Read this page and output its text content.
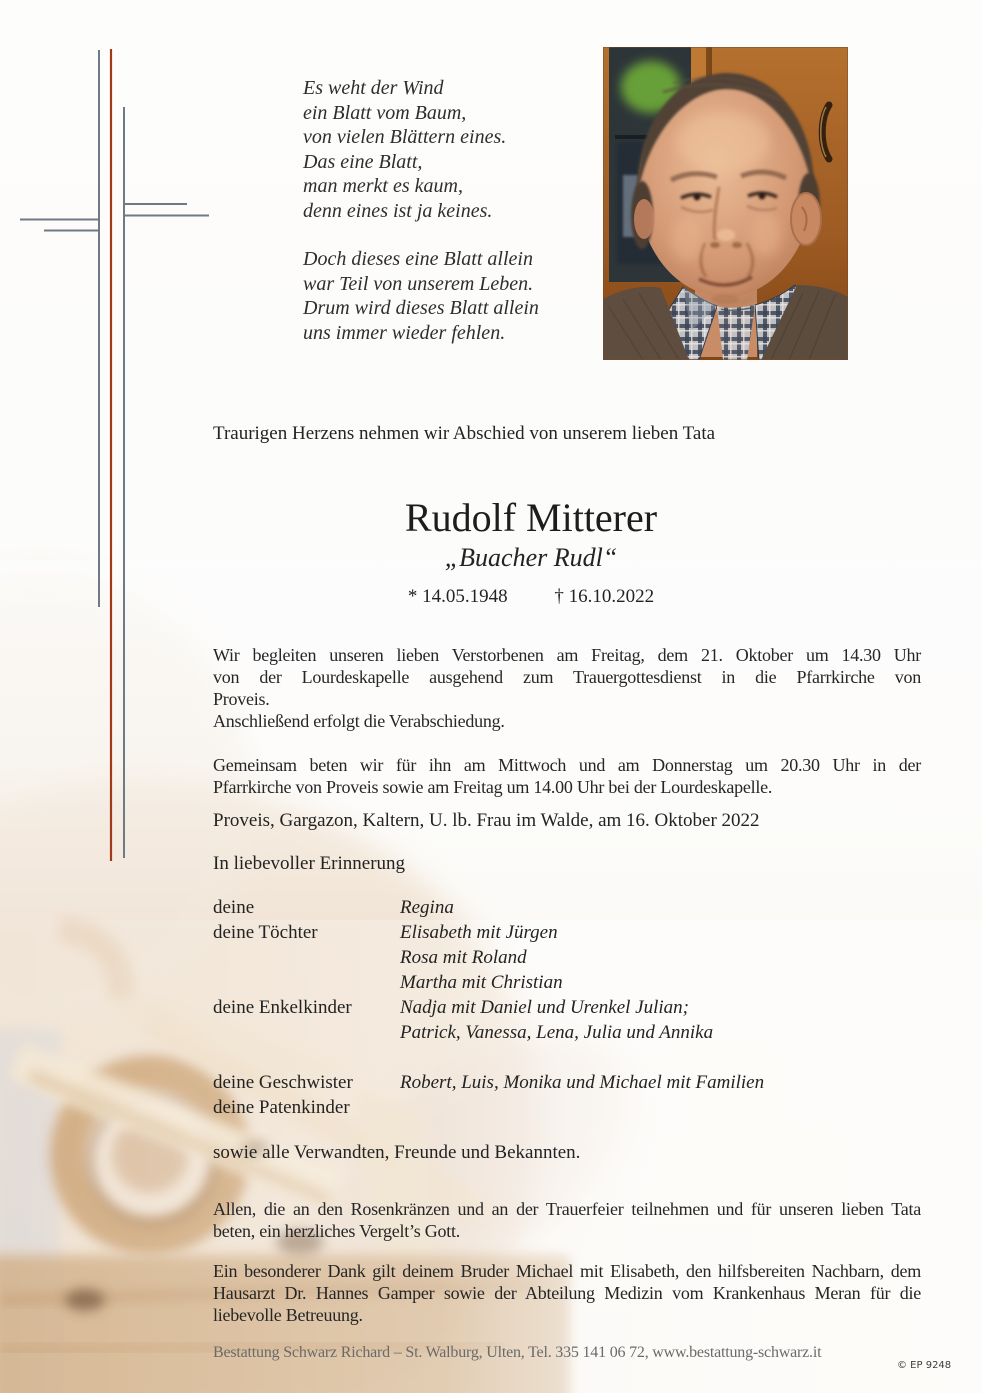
Es weht der Wind
ein Blatt vom Baum,
von vielen Blättern eines.
Das eine Blatt,
man merkt es kaum,
denn eines ist ja keines.
Doch dieses eine Blatt allein
war Teil von unserem Leben.
Drum wird dieses Blatt allein
uns immer wieder fehlen.
Traurigen Herzens nehmen wir Abschied von unserem lieben Tata
Rudolf Mitterer
„Buacher Rudl“
* 14.05.1948 † 16.10.2022
Wir begleiten unseren lieben Verstorbenen am Freitag, dem 21. Oktober um 14.30 Uhr
von der Lourdeskapelle ausgehend zum Trauergottesdienst in die Pfarrkirche von
Proveis.
Anschließend erfolgt die Verabschiedung.
Gemeinsam beten wir für ihn am Mittwoch und am Donnerstag um 20.30 Uhr in der
Pfarrkirche von Proveis sowie am Freitag um 14.00 Uhr bei der Lourdeskapelle.
Proveis, Gargazon, Kaltern, U. lb. Frau im Walde, am 16. Oktober 2022
In liebevoller Erinnerung
deine	Regina
deine Töchter	Elisabeth mit Jürgen
Rosa mit Roland
Martha mit Christian
deine Enkelkinder	Nadja mit Daniel und Urenkel Julian;
Patrick, Vanessa, Lena, Julia und Annika
deine Geschwister	Robert, Luis, Monika und Michael mit Familien
deine Patenkinder
sowie alle Verwandten, Freunde und Bekannten.
Allen, die an den Rosenkränzen und an der Trauerfeier teilnehmen und für unseren lieben Tata
beten, ein herzliches Vergelt’s Gott.
Ein besonderer Dank gilt deinem Bruder Michael mit Elisabeth, den hilfsbereiten Nachbarn, dem
Hausarzt Dr. Hannes Gamper sowie der Abteilung Medizin vom Krankenhaus Meran für die
liebevolle Betreuung.
Bestattung Schwarz Richard – St. Walburg, Ulten, Tel. 335 141 06 72, www.bestattung-schwarz.it
© EP 9248
